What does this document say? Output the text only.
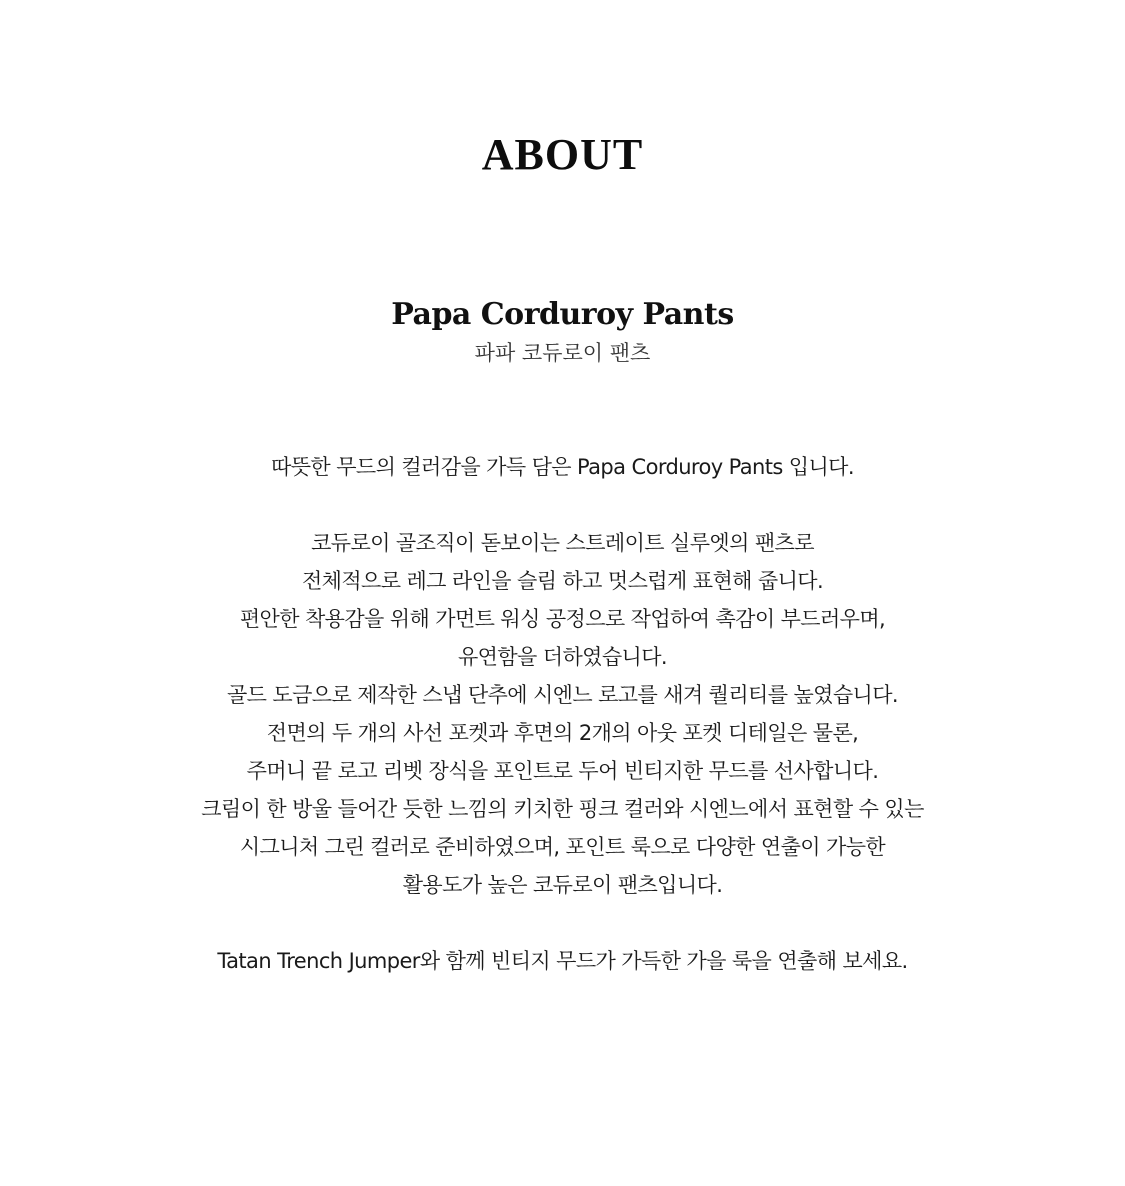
ABOUT
Papa Corduroy Pants
파파 코듀로이 팬츠

따뜻한 무드의 컬러감을 가득 담은 Papa Corduroy Pants 입니다.

코듀로이 골조직이 돋보이는 스트레이트 실루엣의 팬츠로
전체적으로 레그 라인을 슬림 하고 멋스럽게 표현해 줍니다.
편안한 착용감을 위해 가먼트 워싱 공정으로 작업하여 촉감이 부드러우며,
유연함을 더하였습니다.
골드 도금으로 제작한 스냅 단추에 시엔느 로고를 새겨 퀄리티를 높였습니다.
전면의 두 개의 사선 포켓과 후면의 2개의 아웃 포켓 디테일은 물론,
주머니 끝 로고 리벳 장식을 포인트로 두어 빈티지한 무드를 선사합니다.
크림이 한 방울 들어간 듯한 느낌의 키치한 핑크 컬러와 시엔느에서 표현할 수 있는
시그니처 그린 컬러로 준비하였으며, 포인트 룩으로 다양한 연출이 가능한
활용도가 높은 코듀로이 팬츠입니다.

Tatan Trench Jumper와 함께 빈티지 무드가 가득한 가을 룩을 연출해 보세요.
